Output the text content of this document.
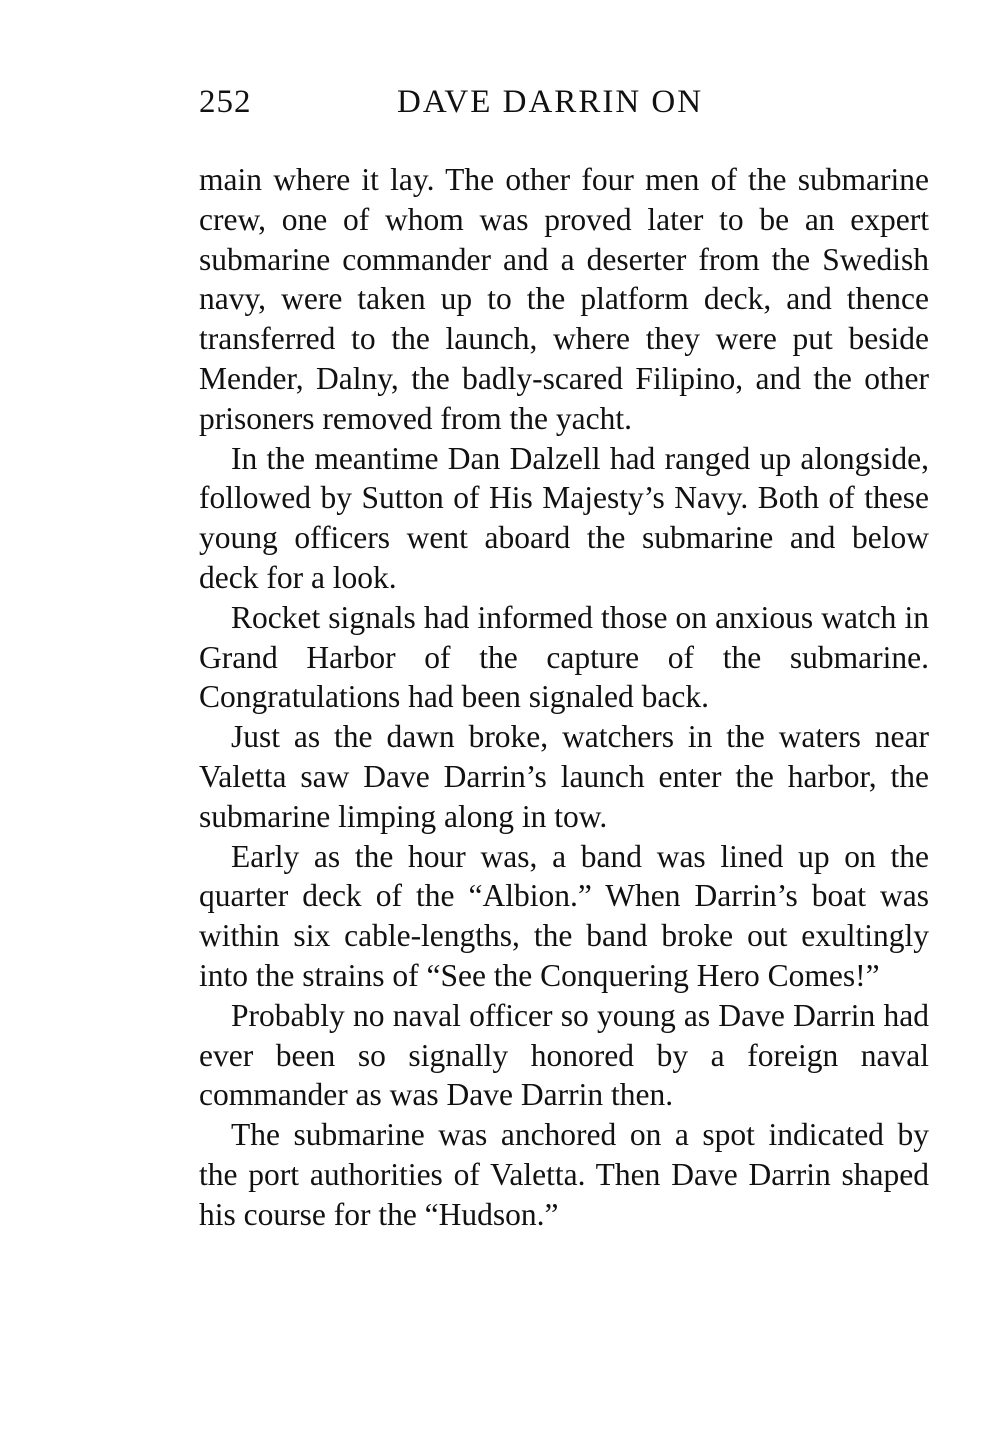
252	DAVE DARRIN ON

main where it lay. The other four men of the submarine crew, one of whom was proved later to be an expert submarine commander and a deserter from the Swedish navy, were taken up to the platform deck, and thence transferred to the launch, where they were put beside Mender, Dalny, the badly-scared Filipino, and the other prisoners removed from the yacht.

In the meantime Dan Dalzell had ranged up alongside, followed by Sutton of His Majesty’s Navy. Both of these young officers went aboard the submarine and below deck for a look.

Rocket signals had informed those on anxious watch in Grand Harbor of the capture of the submarine. Congratulations had been signaled back.

Just as the dawn broke, watchers in the waters near Valetta saw Dave Darrin’s launch enter the harbor, the submarine limping along in tow.

Early as the hour was, a band was lined up on the quarter deck of the “Albion.” When Darrin’s boat was within six cable-lengths, the band broke out exultingly into the strains of “See the Conquering Hero Comes!”

Probably no naval officer so young as Dave Darrin had ever been so signally honored by a foreign naval commander as was Dave Darrin then.

The submarine was anchored on a spot indicated by the port authorities of Valetta. Then Dave Darrin shaped his course for the “Hudson.”
